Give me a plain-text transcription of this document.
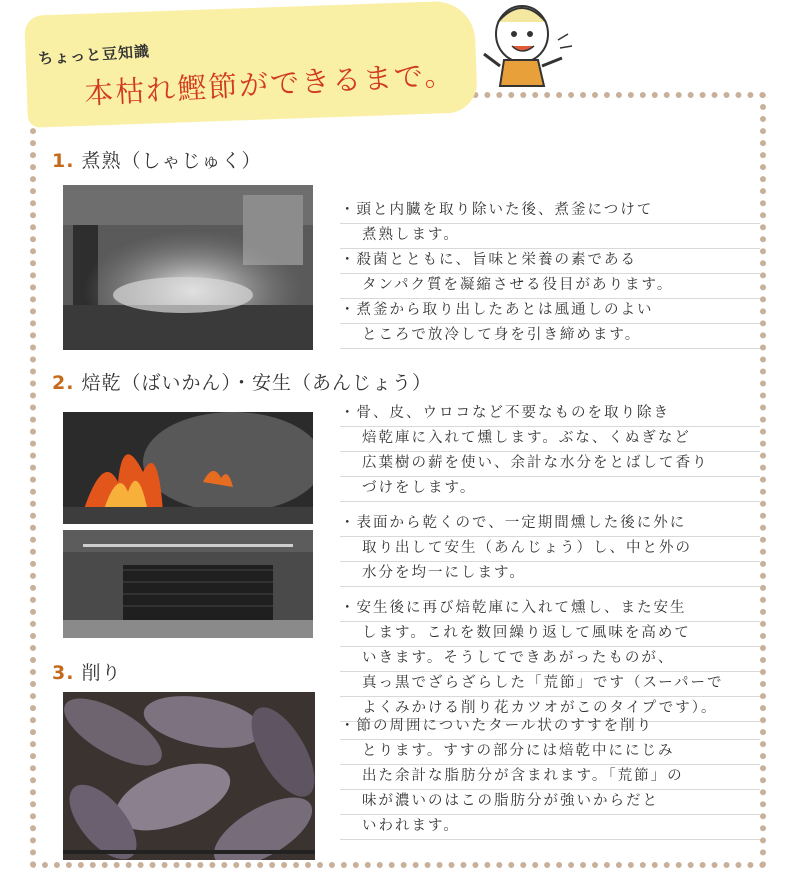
ちょっと豆知識
本枯れ鰹節ができるまで。
1. 煮熟（しゃじゅく）
・頭と内臓を取り除いた後、煮釜につけて
煮熟します。
・殺菌とともに、旨味と栄養の素である
タンパク質を凝縮させる役目があります。
・煮釜から取り出したあとは風通しのよい
ところで放冷して身を引き締めます。
2. 焙乾（ばいかん）・安生（あんじょう）
・骨、皮、ウロコなど不要なものを取り除き
焙乾庫に入れて燻します。ぶな、くぬぎなど
広葉樹の薪を使い、余計な水分をとばして香り
づけをします。
・表面から乾くので、一定期間燻した後に外に
取り出して安生（あんじょう）し、中と外の
水分を均一にします。
・安生後に再び焙乾庫に入れて燻し、また安生
します。これを数回繰り返して風味を高めて
いきます。そうしてできあがったものが、
真っ黒でざらざらした「荒節」です（スーパーで
よくみかける削り花カツオがこのタイプです）。
3. 削り
・節の周囲についたタール状のすすを削り
とります。すすの部分には焙乾中ににじみ
出た余計な脂肪分が含まれます。「荒節」の
味が濃いのはこの脂肪分が強いからだと
いわれます。
